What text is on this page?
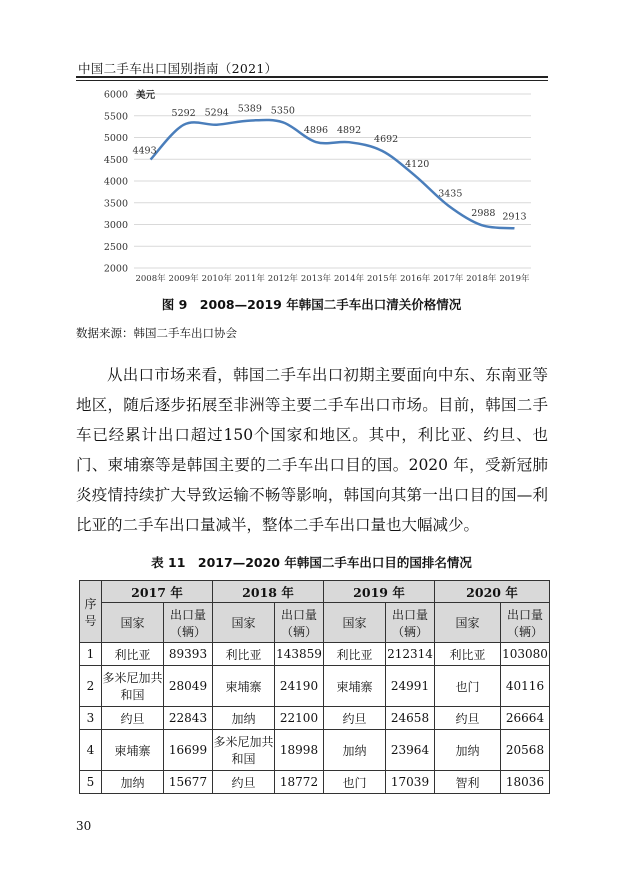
中国二手车出口国别指南（2021）
6000
5500
5000
4500
4000
3500
3000
2500
2000
美元
2008年 2009年 2010年 2011年 2012年 2013年 2014年 2015年 2016年 2017年 2018年 2019年
4493
5292 5294 5389 5350
4896 4892
4692
4120
3435
2988 2913
图 9　2008—2019 年韩国二手车出口清关价格情况
数据来源：韩国二手车出口协会
从出口市场来看，韩国二手车出口初期主要面向中东、东南亚等地区，随后逐步拓展至非洲等主要二手车出口市场。目前，韩国二手车已经累计出口超过150个国家和地区。其中，利比亚、约旦、也门、柬埔寨等是韩国主要的二手车出口目的国。2020 年，受新冠肺炎疫情持续扩大导致运输不畅等影响，韩国向其第一出口目的国—利比亚的二手车出口量减半，整体二手车出口量也大幅减少。
表 11　2017—2020 年韩国二手车出口目的国排名情况
序号	2017 年		2018 年		2019 年		2020 年	
	国家	出口量（辆）	国家	出口量（辆）	国家	出口量（辆）	国家	出口量（辆）
1	利比亚	89393	利比亚	143859	利比亚	212314	利比亚	103080
2	多米尼加共和国	28049	柬埔寨	24190	柬埔寨	24991	也门	40116
3	约旦	22843	加纳	22100	约旦	24658	约旦	26664
4	柬埔寨	16699	多米尼加共和国	18998	加纳	23964	加纳	20568
5	加纳	15677	约旦	18772	也门	17039	智利	18036
30
